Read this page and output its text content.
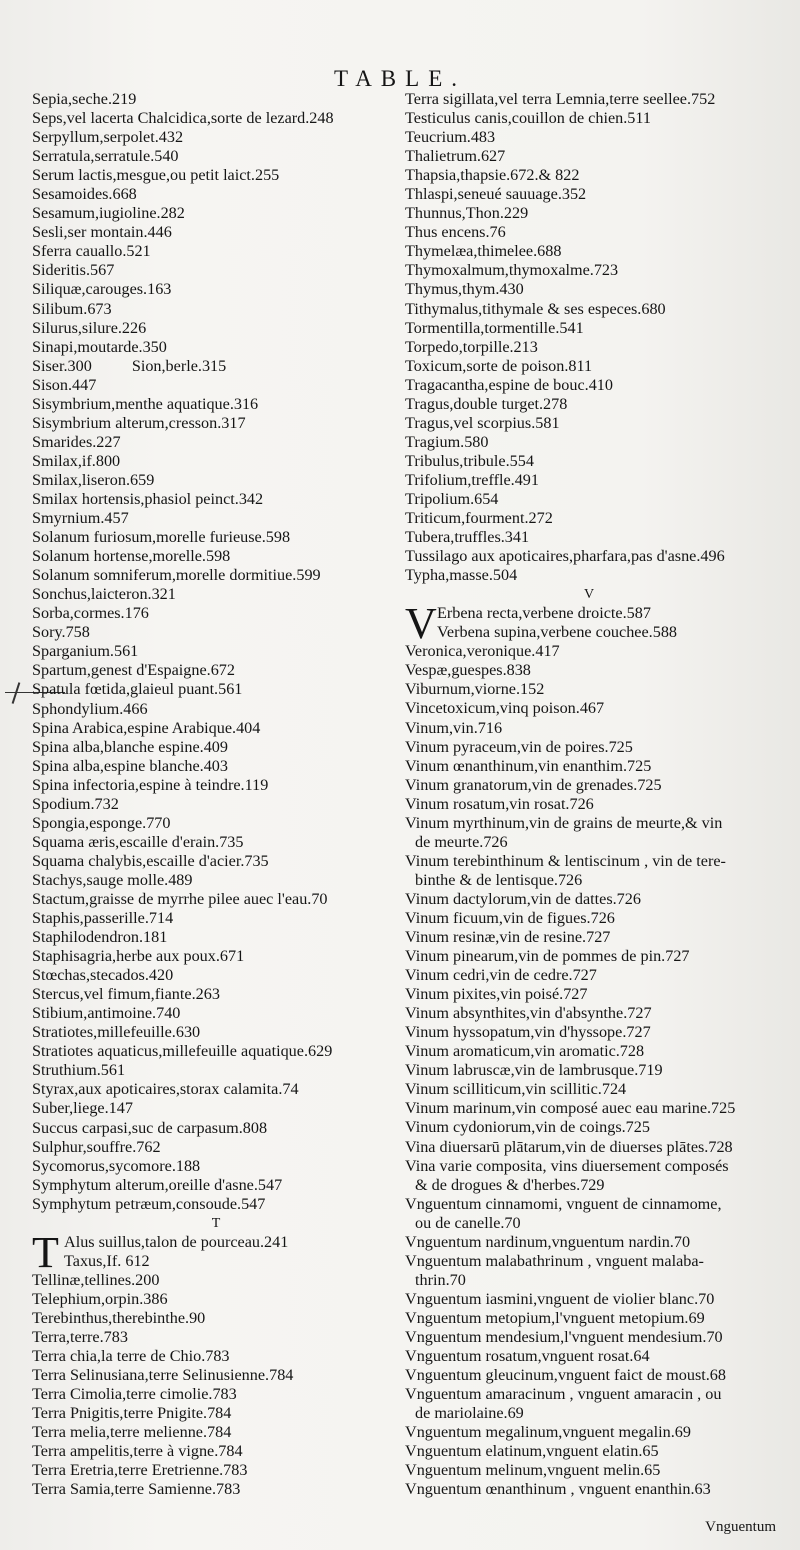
TABLE.
Sepia,seche.219
Seps,vel lacerta Chalcidica,sorte de lezard.248
Serpyllum,serpolet.432
Serratula,serratule.540
Serum lactis,mesgue,ou petit laict.255
Sesamoides.668
Sesamum,iugioline.282
Sesli,ser montain.446
Sferra cauallo.521
Sideritis.567
Siliquæ,carouges.163
Silibum.673
Silurus,silure.226
Sinapi,moutarde.350
Siser.300 Sion,berle.315
Sison.447
Sisymbrium,menthe aquatique.316
Sisymbrium alterum,cresson.317
Smarides.227
Smilax,if.800
Smilax,liseron.659
Smilax hortensis,phasiol peinct.342
Smyrnium.457
Solanum furiosum,morelle furieuse.598
Solanum hortense,morelle.598
Solanum somniferum,morelle dormitiue.599
Sonchus,laicteron.321
Sorba,cormes.176
Sory.758
Sparganium.561
Spartum,genest d'Espaigne.672
Spatula fœtida,glaieul puant.561
Sphondylium.466
Spina Arabica,espine Arabique.404
Spina alba,blanche espine.409
Spina alba,espine blanche.403
Spina infectoria,espine à teindre.119
Spodium.732
Spongia,esponge.770
Squama æris,escaille d'erain.735
Squama chalybis,escaille d'acier.735
Stachys,sauge molle.489
Stactum,graisse de myrrhe pilee auec l'eau.70
Staphis,passerille.714
Staphilodendron.181
Staphisagria,herbe aux poux.671
Stœchas,stecados.420
Stercus,vel fimum,fiante.263
Stibium,antimoine.740
Stratiotes,millefeuille.630
Stratiotes aquaticus,millefeuille aquatique.629
Struthium.561
Styrax,aux apoticaires,storax calamita.74
Suber,liege.147
Succus carpasi,suc de carpasum.808
Sulphur,souffre.762
Sycomorus,sycomore.188
Symphytum alterum,oreille d'asne.547
Symphytum petræum,consoude.547
T
T Alus suillus,talon de pourceau.241
Taxus,If. 612
Tellinæ,tellines.200
Telephium,orpin.386
Terebinthus,therebinthe.90
Terra,terre.783
Terra chia,la terre de Chio.783
Terra Selinusiana,terre Selinusienne.784
Terra Cimolia,terre cimolie.783
Terra Pnigitis,terre Pnigite.784
Terra melia,terre melienne.784
Terra ampelitis,terre à vigne.784
Terra Eretria,terre Eretrienne.783
Terra Samia,terre Samienne.783
Terra sigillata,vel terra Lemnia,terre seellee.752
Testiculus canis,couillon de chien.511
Teucrium.483
Thalietrum.627
Thapsia,thapsie.672.& 822
Thlaspi,seneué sauuage.352
Thunnus,Thon.229
Thus encens.76
Thymelæa,thimelee.688
Thymoxalmum,thymoxalme.723
Thymus,thym.430
Tithymalus,tithymale & ses especes.680
Tormentilla,tormentille.541
Torpedo,torpille.213
Toxicum,sorte de poison.811
Tragacantha,espine de bouc.410
Tragus,double turget.278
Tragus,vel scorpius.581
Tragium.580
Tribulus,tribule.554
Trifolium,treffle.491
Tripolium.654
Triticum,fourment.272
Tubera,truffles.341
Tussilago aux apoticaires,pharfara,pas d'asne.496
Typha,masse.504
V
V Erbena recta,verbene droicte.587
Verbena supina,verbene couchee.588
Veronica,veronique.417
Vespæ,guespes.838
Viburnum,viorne.152
Vincetoxicum,vinq poison.467
Vinum,vin.716
Vinum pyraceum,vin de poires.725
Vinum œnanthinum,vin enanthim.725
Vinum granatorum,vin de grenades.725
Vinum rosatum,vin rosat.726
Vinum myrthinum,vin de grains de meurte,& vin
de meurte.726
Vinum terebinthinum & lentiscinum , vin de tere-
binthe & de lentisque.726
Vinum dactylorum,vin de dattes.726
Vinum ficuum,vin de figues.726
Vinum resinæ,vin de resine.727
Vinum pinearum,vin de pommes de pin.727
Vinum cedri,vin de cedre.727
Vinum pixites,vin poisé.727
Vinum absynthites,vin d'absynthe.727
Vinum hyssopatum,vin d'hyssope.727
Vinum aromaticum,vin aromatic.728
Vinum labruscæ,vin de lambrusque.719
Vinum scilliticum,vin scillitic.724
Vinum marinum,vin composé auec eau marine.725
Vinum cydoniorum,vin de coings.725
Vina diuersarū plātarum,vin de diuerses plātes.728
Vina varie composita, vins diuersement composés
& de drogues & d'herbes.729
Vnguentum cinnamomi, vnguent de cinnamome,
ou de canelle.70
Vnguentum nardinum,vnguentum nardin.70
Vnguentum malabathrinum , vnguent malaba-
thrin.70
Vnguentum iasmini,vnguent de violier blanc.70
Vnguentum metopium,l'vnguent metopium.69
Vnguentum mendesium,l'vnguent mendesium.70
Vnguentum rosatum,vnguent rosat.64
Vnguentum gleucinum,vnguent faict de moust.68
Vnguentum amaracinum , vnguent amaracin , ou
de mariolaine.69
Vnguentum megalinum,vnguent megalin.69
Vnguentum elatinum,vnguent elatin.65
Vnguentum melinum,vnguent melin.65
Vnguentum œnanthinum , vnguent enanthin.63
Vnguentum
